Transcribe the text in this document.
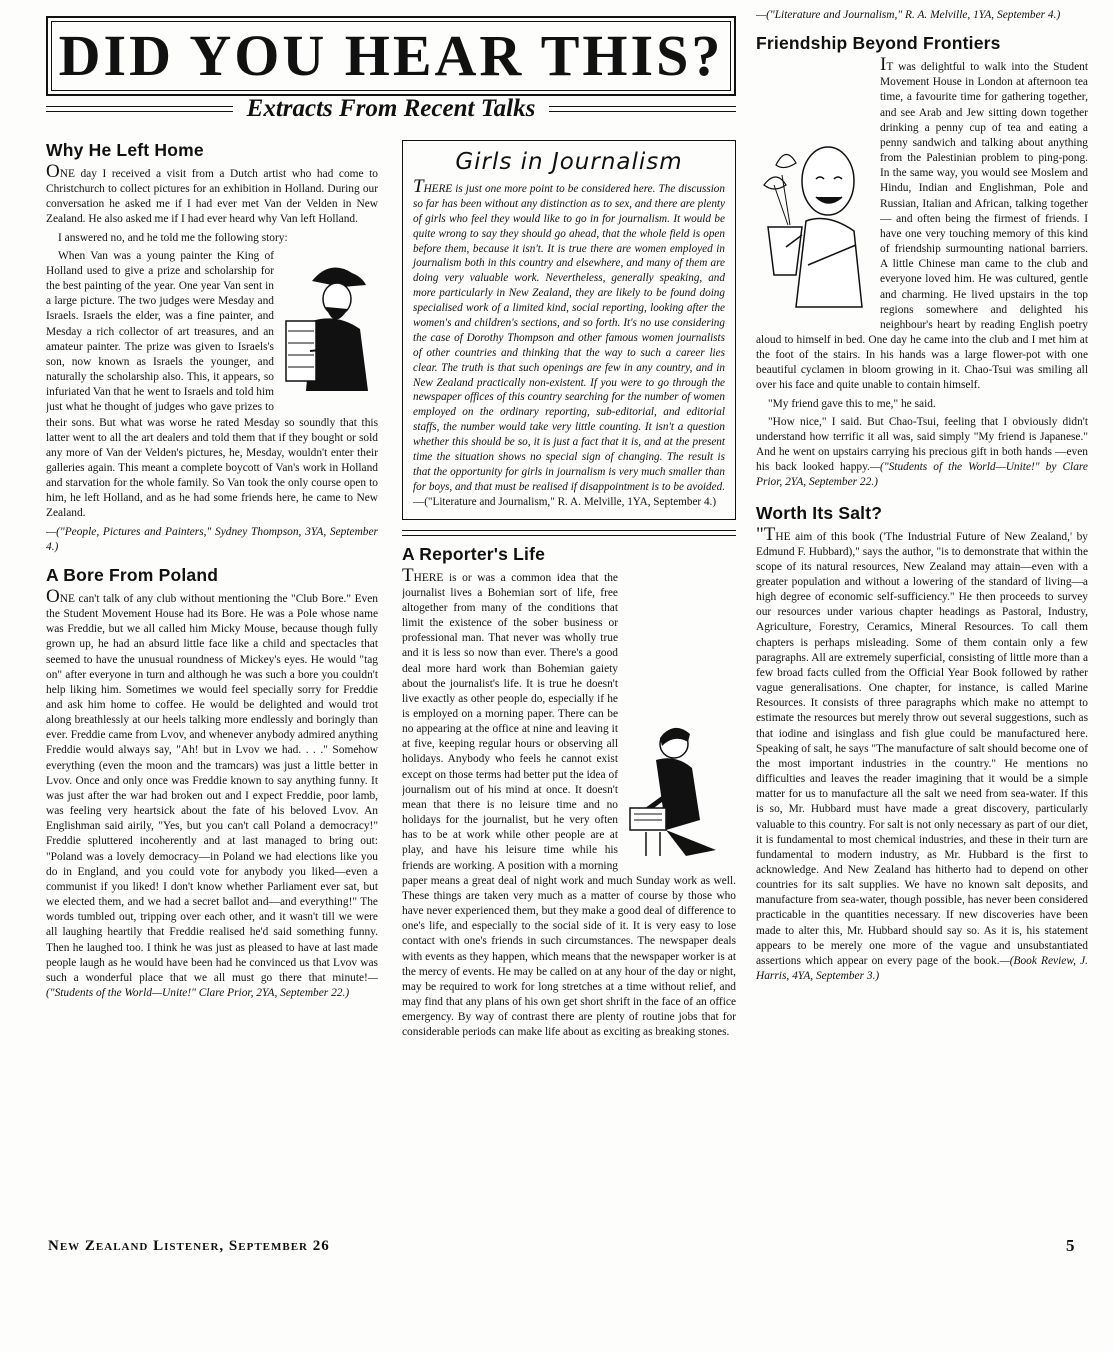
DID YOU HEAR THIS?
Extracts From Recent Talks
Why He Left Home

ONE day I received a visit from a Dutch artist who had come to Christchurch to collect pictures for an exhibition in Holland. During our conversation he asked me if I had ever met Van der Velden in New Zealand. He also asked me if I had ever heard why Van left Holland.

I answered no, and he told me the following story:

When Van was a young painter the King of Holland used to give a prize and scholarship for the best painting of the year. One year Van sent in a large picture. The two judges were Mesday and Israels. Israels the elder, was a fine painter, and Mesday a rich collector of art treasures, and an amateur painter. The prize was given to Israels's son, now known as Israels the younger, and naturally the scholarship also. This, it appears, so infuriated Van that he went to Israels and told him just what he thought of judges who gave prizes to their sons. But what was worse he rated Mesday so soundly that this latter went to all the art dealers and told them that if they bought or sold any more of Van der Velden's pictures, he, Mesday, wouldn't enter their galleries again. This meant a complete boycott of Van's work in Holland and starvation for the whole family. So Van took the only course open to him, he left Holland, and as he had some friends here, he came to New Zealand.

—("People, Pictures and Painters," Sydney Thompson, 3YA, September 4.)

A Bore From Poland

ONE can't talk of any club without mentioning the "Club Bore." Even the Student Movement House had its Bore. He was a Pole whose name was Freddie, but we all called him Micky Mouse, because though fully grown up, he had an absurd little face like a child and spectacles that seemed to have the unusual roundness of Mickey's eyes. He would "tag on" after everyone in turn and although he was such a bore you couldn't help liking him. Sometimes we would feel specially sorry for Freddie and ask him home to coffee. He would be delighted and would trot along breathlessly at our heels talking more endlessly and boringly than ever. Freddie came from Lvov, and whenever anybody admired anything Freddie would always say, "Ah! but in Lvov we had. . . ." Somehow everything (even the moon and the tramcars) was just a little better in Lvov. Once and only once was Freddie known to say anything funny. It was just after the war had broken out and I expect Freddie, poor lamb, was feeling very heartsick about the fate of his beloved Lvov. An Englishman said airily, "Yes, but you can't call Poland a democracy!" Freddie spluttered incoherently and at last managed to bring out: "Poland was a lovely democracy—in Poland we had elections like you do in England, and you could vote for anybody you liked—even a communist if you liked! I don't know whether Parliament ever sat, but we elected them, and we had a secret ballot and—and everything!" The words tumbled out, tripping over each other, and it wasn't till we were all laughing heartily that Freddie realised he'd said something funny. Then he laughed too. I think he was just as pleased to have at last made people laugh as he would have been had he convinced us that Lvov was such a wonderful place that we all must go there that minute!—("Students of the World—Unite!" Clare Prior, 2YA, September 22.)

Girls in Journalism

THERE is just one more point to be considered here. The discussion so far has been without any distinction as to sex, and there are plenty of girls who feel they would like to go in for journalism. It would be quite wrong to say they should go ahead, that the whole field is open before them, because it isn't. It is true there are women employed in journalism both in this country and elsewhere, and many of them are doing very valuable work. Nevertheless, generally speaking, and more particularly in New Zealand, they are likely to be found doing specialised work of a limited kind, social reporting, looking after the women's and children's sections, and so forth. It's no use considering the case of Dorothy Thompson and other famous women journalists of other countries and thinking that the way to such a career lies clear. The truth is that such openings are few in any country, and in New Zealand practically non-existent. If you were to go through the newspaper offices of this country searching for the number of women employed on the ordinary reporting, sub-editorial, and editorial staffs, the number would take very little counting. It isn't a question whether this should be so, it is just a fact that it is, and at the present time the situation shows no special sign of changing. The result is that the opportunity for girls in journalism is very much smaller than for boys, and that must be realised if disappointment is to be avoided.—("Literature and Journalism," R. A. Melville, 1YA, September 4.)

A Reporter's Life

THERE is or was a common idea that the journalist lives a Bohemian sort of life, free altogether from many of the conditions that limit the existence of the sober business or professional man. That never was wholly true and it is less so now than ever. There's a good deal more hard work than Bohemian gaiety about the journalist's life. It is true he doesn't live exactly as other people do, especially if he is employed on a morning paper. There can be no appearing at the office at nine and leaving it at five, keeping regular hours or observing all holidays. Anybody who feels he cannot exist except on those terms had better put the idea of journalism out of his mind at once. It doesn't mean that there is no leisure time and no holidays for the journalist, but he very often has to be at work while other people are at play, and have his leisure time while his friends are working. A position with a morning paper means a great deal of night work and much Sunday work as well. These things are taken very much as a matter of course by those who have never experienced them, but they make a good deal of difference to one's life, and especially to the social side of it. It is very easy to lose contact with one's friends in such circumstances. The newspaper deals with events as they happen, which means that the newspaper worker is at the mercy of events. He may be called on at any hour of the day or night, may be required to work for long stretches at a time without relief, and may find that any plans of his own get short shrift in the face of an office emergency. By way of contrast there are plenty of routine jobs that for considerable periods can make life about as exciting as breaking stones.

—("Literature and Journalism," R. A. Melville, 1YA, September 4.)

Friendship Beyond Frontiers

IT was delightful to walk into the Student Movement House in London at afternoon tea time, a favourite time for gathering together, and see Arab and Jew sitting down together drinking a penny cup of tea and eating a penny sandwich and talking about anything from the Palestinian problem to ping-pong. In the same way, you would see Moslem and Hindu, Indian and Englishman, Pole and Russian, Italian and African, talking together — and often being the firmest of friends. I have one very touching memory of this kind of friendship surmounting national barriers. A little Chinese man came to the club and everyone loved him. He was cultured, gentle and charming. He lived upstairs in the top regions somewhere and delighted his neighbour's heart by reading English poetry aloud to himself in bed. One day he came into the club and I met him at the foot of the stairs. In his hands was a large flower-pot with one beautiful cyclamen in bloom growing in it. Chao-Tsui was smiling all over his face and quite unable to contain himself.

"My friend gave this to me," he said.

"How nice," I said. But Chao-Tsui, feeling that I obviously didn't understand how terrific it all was, said simply "My friend is Japanese." And he went on upstairs carrying his precious gift in both hands —even his back looked happy.—("Students of the World—Unite!" by Clare Prior, 2YA, September 22.)

Worth Its Salt?

"THE aim of this book ('The Industrial Future of New Zealand,' by Edmund F. Hubbard)," says the author, "is to demonstrate that within the scope of its natural resources, New Zealand may attain—even with a greater population and without a lowering of the standard of living—a high degree of economic self-sufficiency." He then proceeds to survey our resources under various chapter headings as Pastoral, Industry, Agriculture, Forestry, Ceramics, Mineral Resources. To call them chapters is perhaps misleading. Some of them contain only a few paragraphs. All are extremely superficial, consisting of little more than a few broad facts culled from the Official Year Book followed by rather vague generalisations. One chapter, for instance, is called Marine Resources. It consists of three paragraphs which make no attempt to estimate the resources but merely throw out several suggestions, such as that iodine and isinglass and fish glue could be manufactured here. Speaking of salt, he says "The manufacture of salt should become one of the most important industries in the country." He mentions no difficulties and leaves the reader imagining that it would be a simple matter for us to manufacture all the salt we need from sea-water. If this is so, Mr. Hubbard must have made a great discovery, particularly valuable to this country. For salt is not only necessary as part of our diet, it is fundamental to most chemical industries, and these in their turn are fundamental to modern industry, as Mr. Hubbard is the first to acknowledge. And New Zealand has hitherto had to depend on other countries for its salt supplies. We have no known salt deposits, and manufacture from sea-water, though possible, has never been considered practicable in the quantities necessary. If new discoveries have been made to alter this, Mr. Hubbard should say so. As it is, his statement appears to be merely one more of the vague and unsubstantiated assertions which appear on every page of the book.—(Book Review, J. Harris, 4YA, September 3.)

New Zealand Listener, September 26	5
